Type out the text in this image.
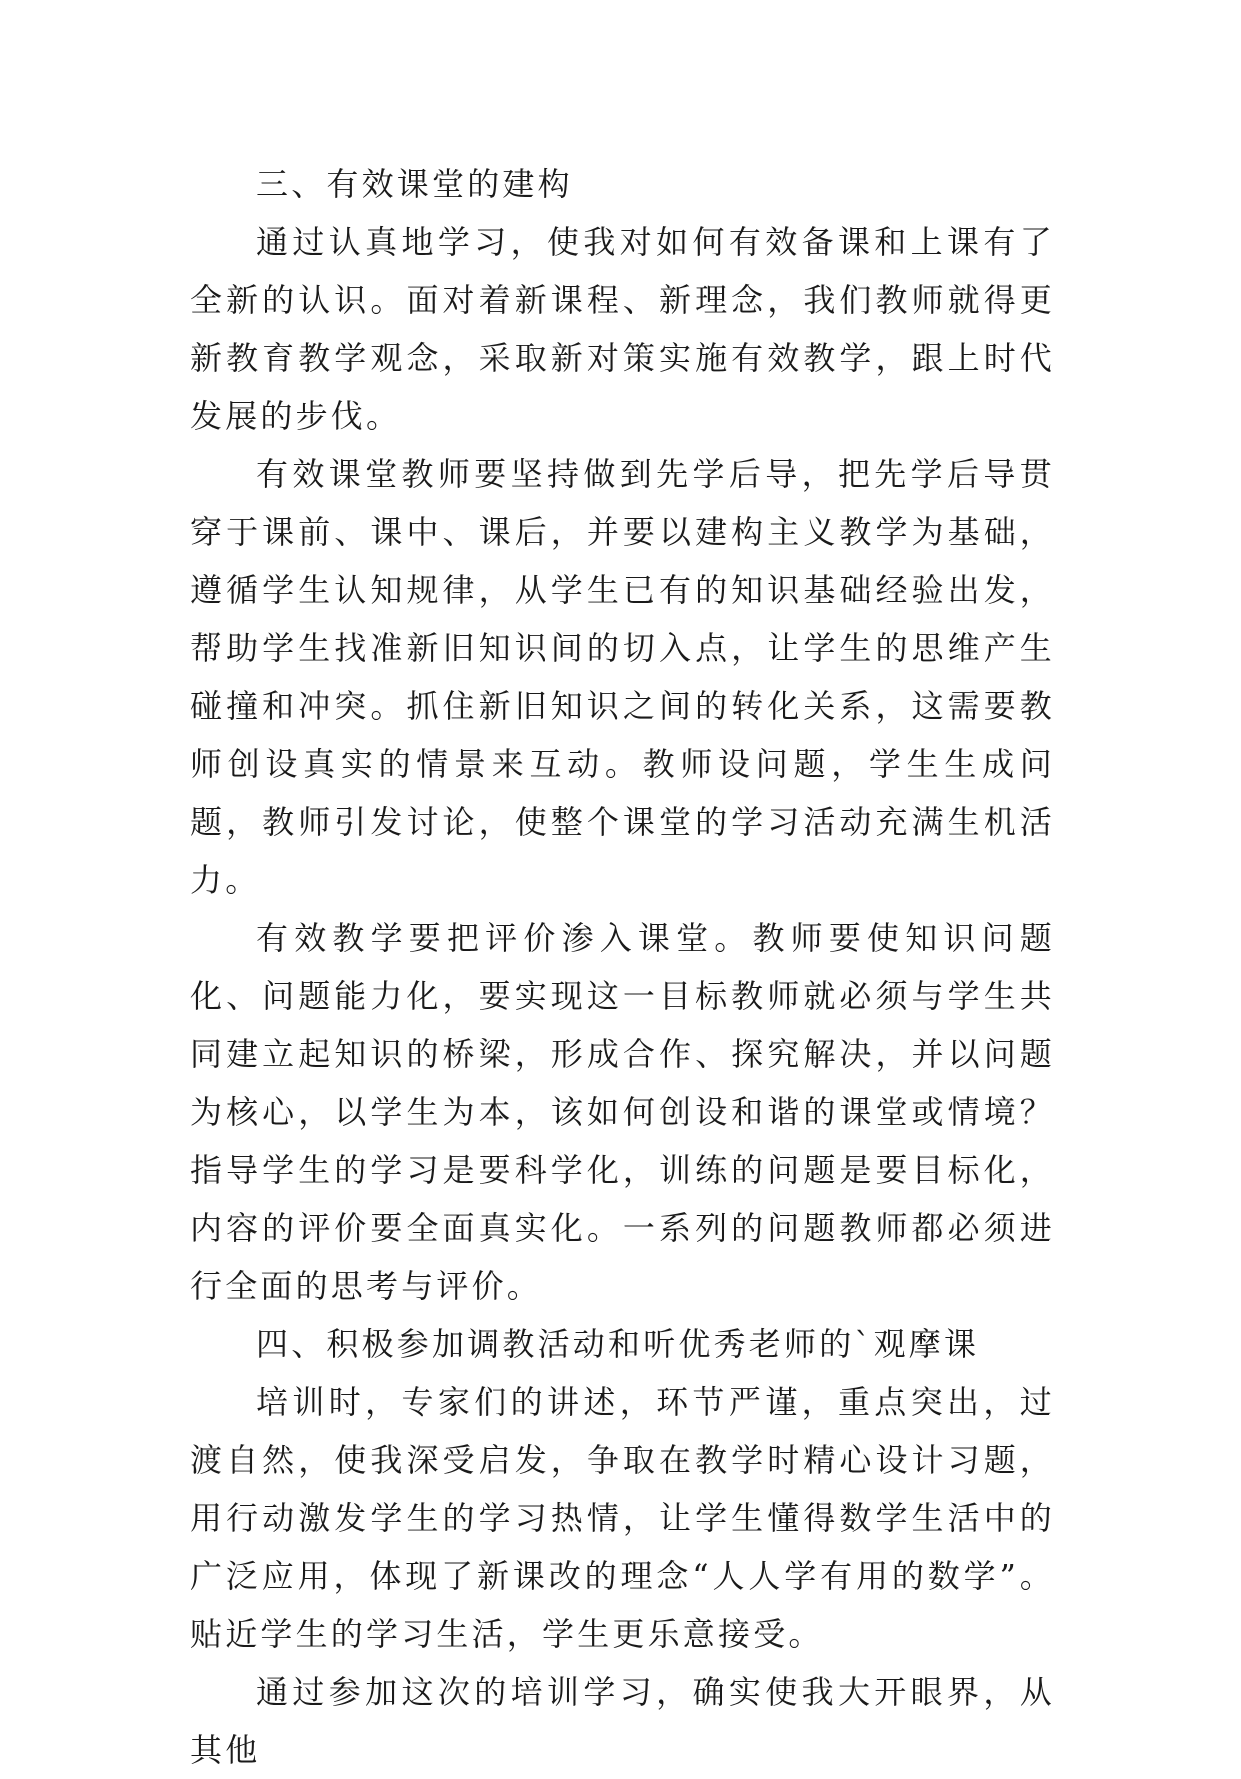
三、有效课堂的建构

通过认真地学习，使我对如何有效备课和上课有了全新的认识。面对着新课程、新理念，我们教师就得更新教育教学观念，采取新对策实施有效教学，跟上时代发展的步伐。

有效课堂教师要坚持做到先学后导，把先学后导贯穿于课前、课中、课后，并要以建构主义教学为基础，遵循学生认知规律，从学生已有的知识基础经验出发，帮助学生找准新旧知识间的切入点，让学生的思维产生碰撞和冲突。抓住新旧知识之间的转化关系，这需要教师创设真实的情景来互动。教师设问题，学生生成问题，教师引发讨论，使整个课堂的学习活动充满生机活力。

有效教学要把评价渗入课堂。教师要使知识问题化、问题能力化，要实现这一目标教师就必须与学生共同建立起知识的桥梁，形成合作、探究解决，并以问题为核心，以学生为本，该如何创设和谐的课堂或情境？指导学生的学习是要科学化，训练的问题是要目标化，内容的评价要全面真实化。一系列的问题教师都必须进行全面的思考与评价。

四、积极参加调教活动和听优秀老师的`观摩课

培训时，专家们的讲述，环节严谨，重点突出，过渡自然，使我深受启发，争取在教学时精心设计习题，用行动激发学生的学习热情，让学生懂得数学生活中的广泛应用，体现了新课改的理念“人人学有用的数学”。贴近学生的学习生活，学生更乐意接受。

通过参加这次的培训学习，确实使我大开眼界，从其他
